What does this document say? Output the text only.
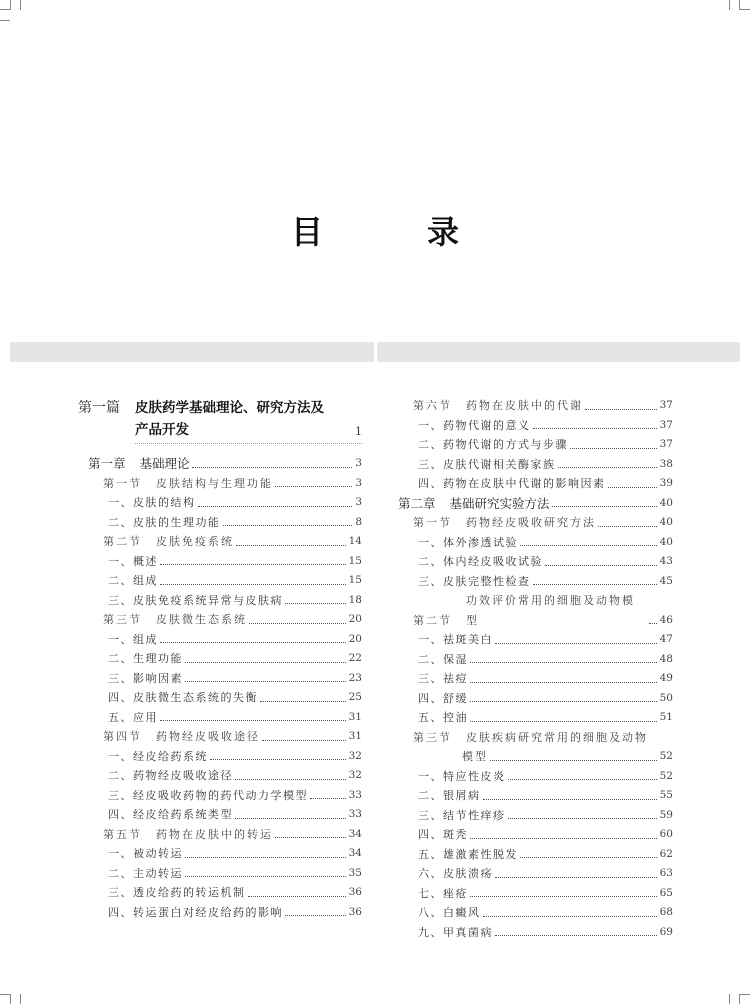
目　录
第一篇	皮肤药学基础理论、研究方法及
产品开发	1
第一章 基础理论	3
第一节 皮肤结构与生理功能	3
一、 皮肤的结构	3
二、 皮肤的生理功能	8
第二节 皮肤免疫系统	14
一、 概述	15
二、 组成	15
三、 皮肤免疫系统异常与皮肤病	18
第三节 皮肤微生态系统	20
一、 组成	20
二、 生理功能	22
三、 影响因素	23
四、 皮肤微生态系统的失衡	25
五、 应用	31
第四节 药物经皮吸收途径	31
一、 经皮给药系统	32
二、 药物经皮吸收途径	32
三、 经皮吸收药物的药代动力学模型	33
四、 经皮给药系统类型	33
第五节 药物在皮肤中的转运	34
一、 被动转运	34
二、 主动转运	35
三、 透皮给药的转运机制	36
四、 转运蛋白对经皮给药的影响	36
第六节 药物在皮肤中的代谢	37
一、 药物代谢的意义	37
二、 药物代谢的方式与步骤	37
三、 皮肤代谢相关酶家族	38
四、 药物在皮肤中代谢的影响因素	39
第二章 基础研究实验方法	40
第一节 药物经皮吸收研究方法	40
一、 体外渗透试验	40
二、 体内经皮吸收试验	43
三、 皮肤完整性检查	45
第二节
功效评价常用的细胞及动物模型	46
一、 祛斑美白	47
二、 保湿	48
三、 祛痘	49
四、 舒缓	50
五、 控油	51
第三节 皮肤疾病研究常用的细胞及动物
模型	52
一、 特应性皮炎	52
二、 银屑病	55
三、 结节性痒疹	59
四、 斑秃	60
五、 雄激素性脱发	62
六、 皮肤溃疡	63
七、 痤疮	65
八、 白癜风	68
九、 甲真菌病	69
